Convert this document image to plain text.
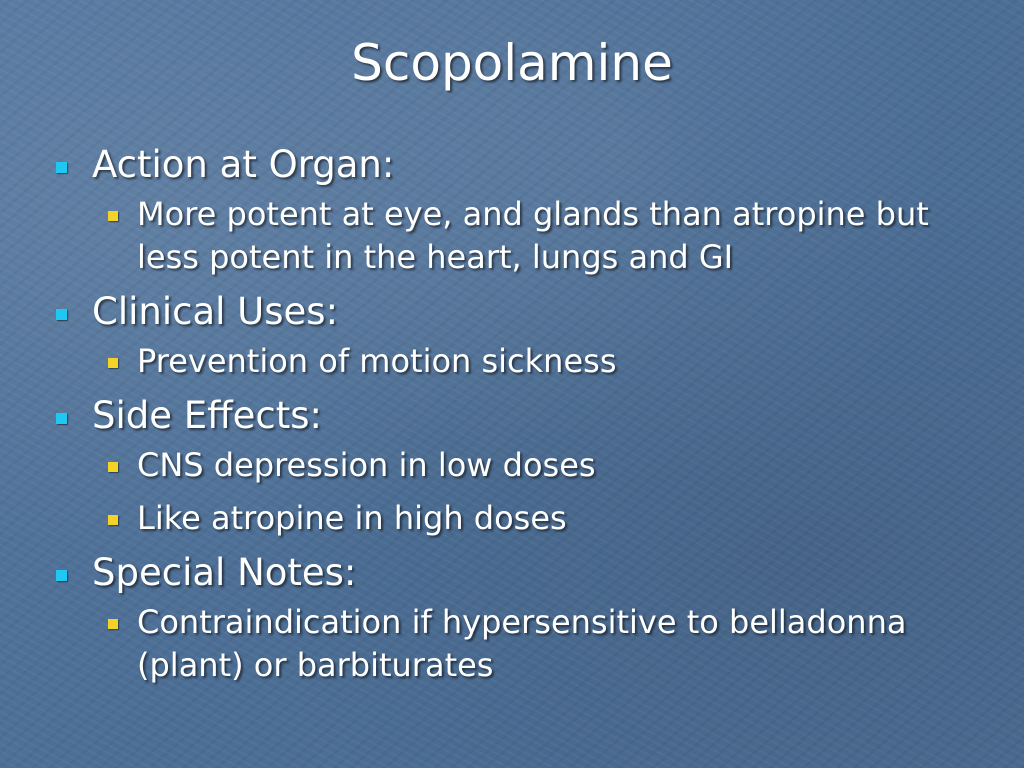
Scopolamine
Action at Organ:
More potent at eye, and glands than atropine but less potent in the heart, lungs and GI
Clinical Uses:
Prevention of motion sickness
Side Effects:
CNS depression in low doses
Like atropine in high doses
Special Notes:
Contraindication if hypersensitive to belladonna (plant) or barbiturates
